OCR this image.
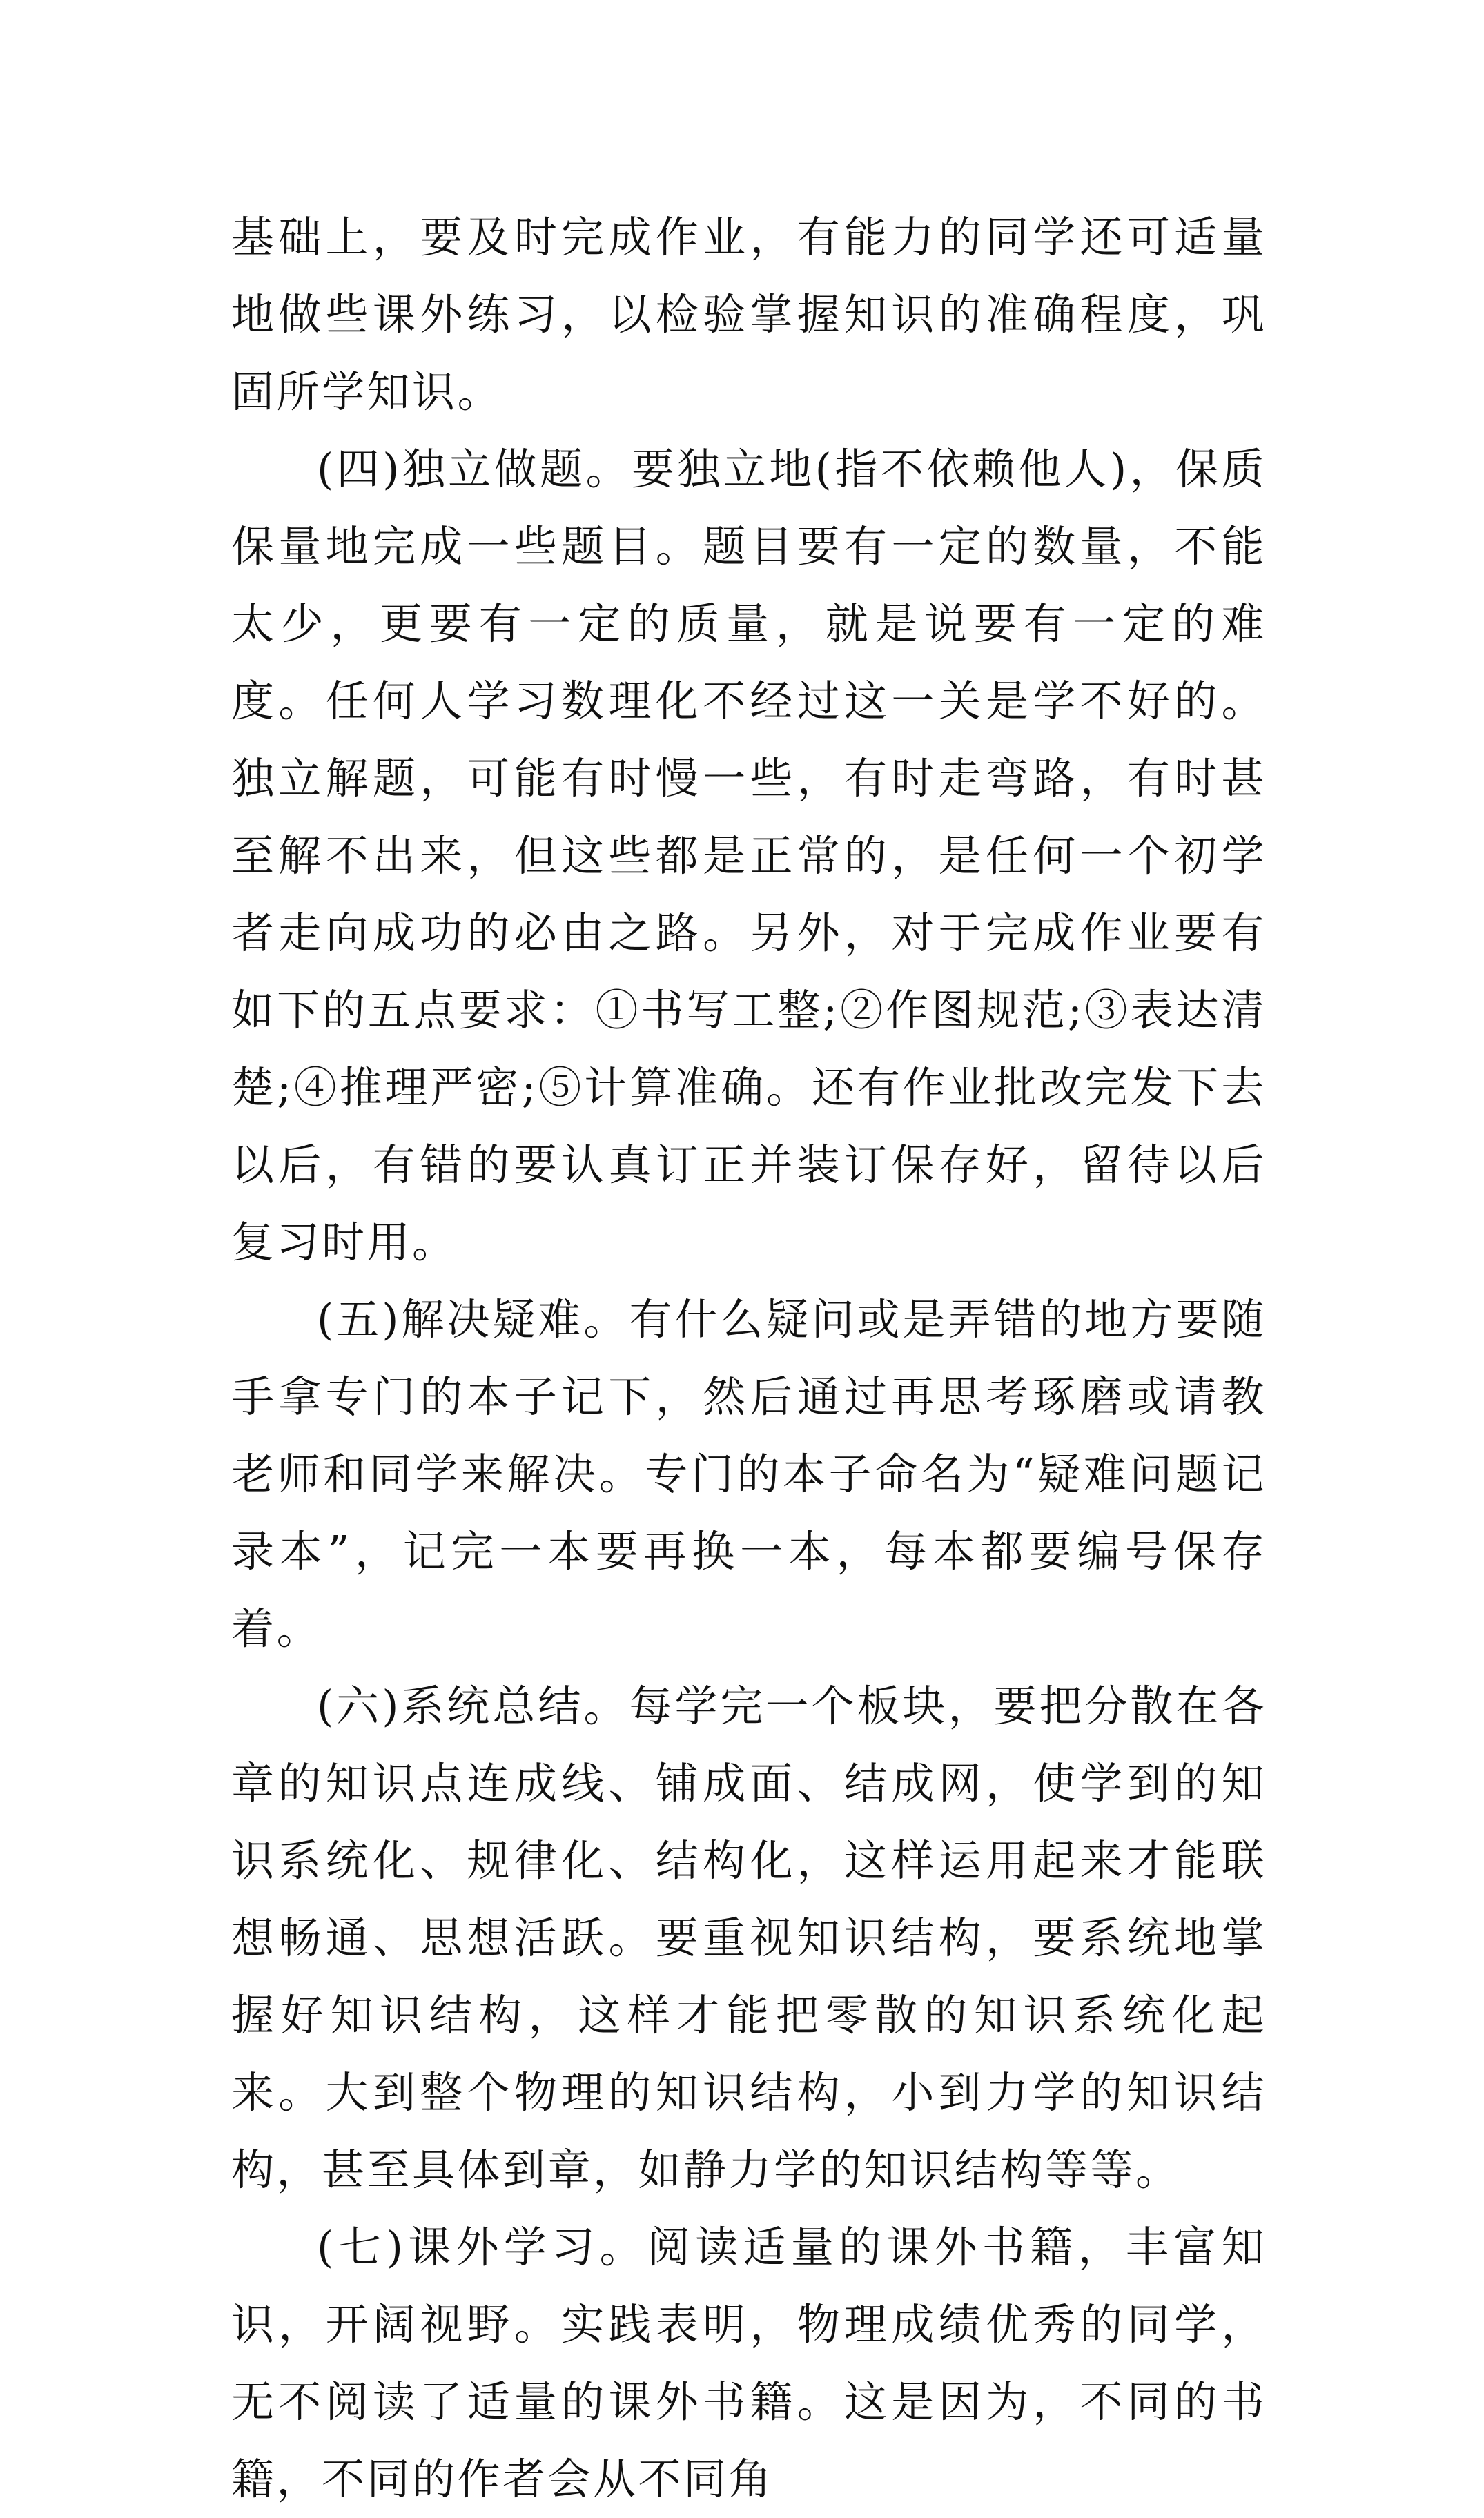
基础上，要及时完成作业，有能力的同学还可适量地做些课外练习，以检验掌握知识的准确程度，巩固所学知识。

(四)独立做题。要独立地(指不依赖他人)，保质保量地完成一些题目。题目要有一定的数量，不能太少，更要有一定的质量，就是说要有一定的难度。任何人学习数理化不经过这一关是学不好的。独立解题，可能有时慢一些，有时走弯路，有时甚至解不出来，但这些都是正常的，是任何一个初学者走向成功的必由之路。另外，对于完成作业要有如下的五点要求：①书写工整;②作图规范;③表达清楚;④推理严密;⑤计算准确。还有作业批改完发下去以后，有错的要认真订正并装订保存好，留待以后复习时用。

(五)解决疑难。有什么疑问或是弄错的地方要随手拿专门的本子记下，然后通过再思考琢磨或请教老师和同学来解决。专门的本子命名为“疑难问题记录本”，记完一本要再换一本，每本都要编号保存着。

(六)系统总结。每学完一个板块，要把分散在各章的知识点连成线、铺成面、结成网，使学到的知识系统化、规律化、结构化，这样运用起来才能联想畅通、思想活跃。要重视知识结构，要系统地掌握好知识结构，这样才能把零散的知识系统化起来。大到整个物理的知识结构，小到力学的知识结构，甚至具体到章，如静力学的知识结构等等。

(七)课外学习。阅读适量的课外书籍，丰富知识，开阔视野。实践表明，物理成绩优秀的同学，无不阅读了适量的课外书籍。这是因为，不同的书籍，不同的作者会从不同角
